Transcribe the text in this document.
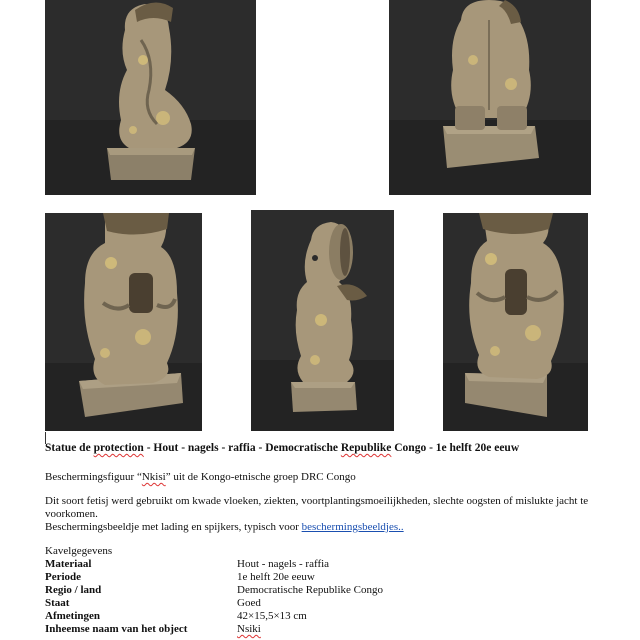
Statue de protection - Hout - nagels - raffia - Democratische Republike Congo - 1e helft 20e eeuw
Beschermingsfiguur “Nkisi” uit de Kongo-etnische groep DRC Congo
Dit soort fetisj werd gebruikt om kwade vloeken, ziekten, voortplantingsmoeilijkheden, slechte oogsten of mislukte jacht te voorkomen.
Beschermingsbeeldje met lading en spijkers, typisch voor beschermingsbeeldjes..
Kavelgegevens
Materiaal	Hout - nagels - raffia
Periode	1e helft 20e eeuw
Regio / land	Democratische Republike Congo
Staat	Goed
Afmetingen	42×15,5×13 cm
Inheemse naam van het object	Nsiki
